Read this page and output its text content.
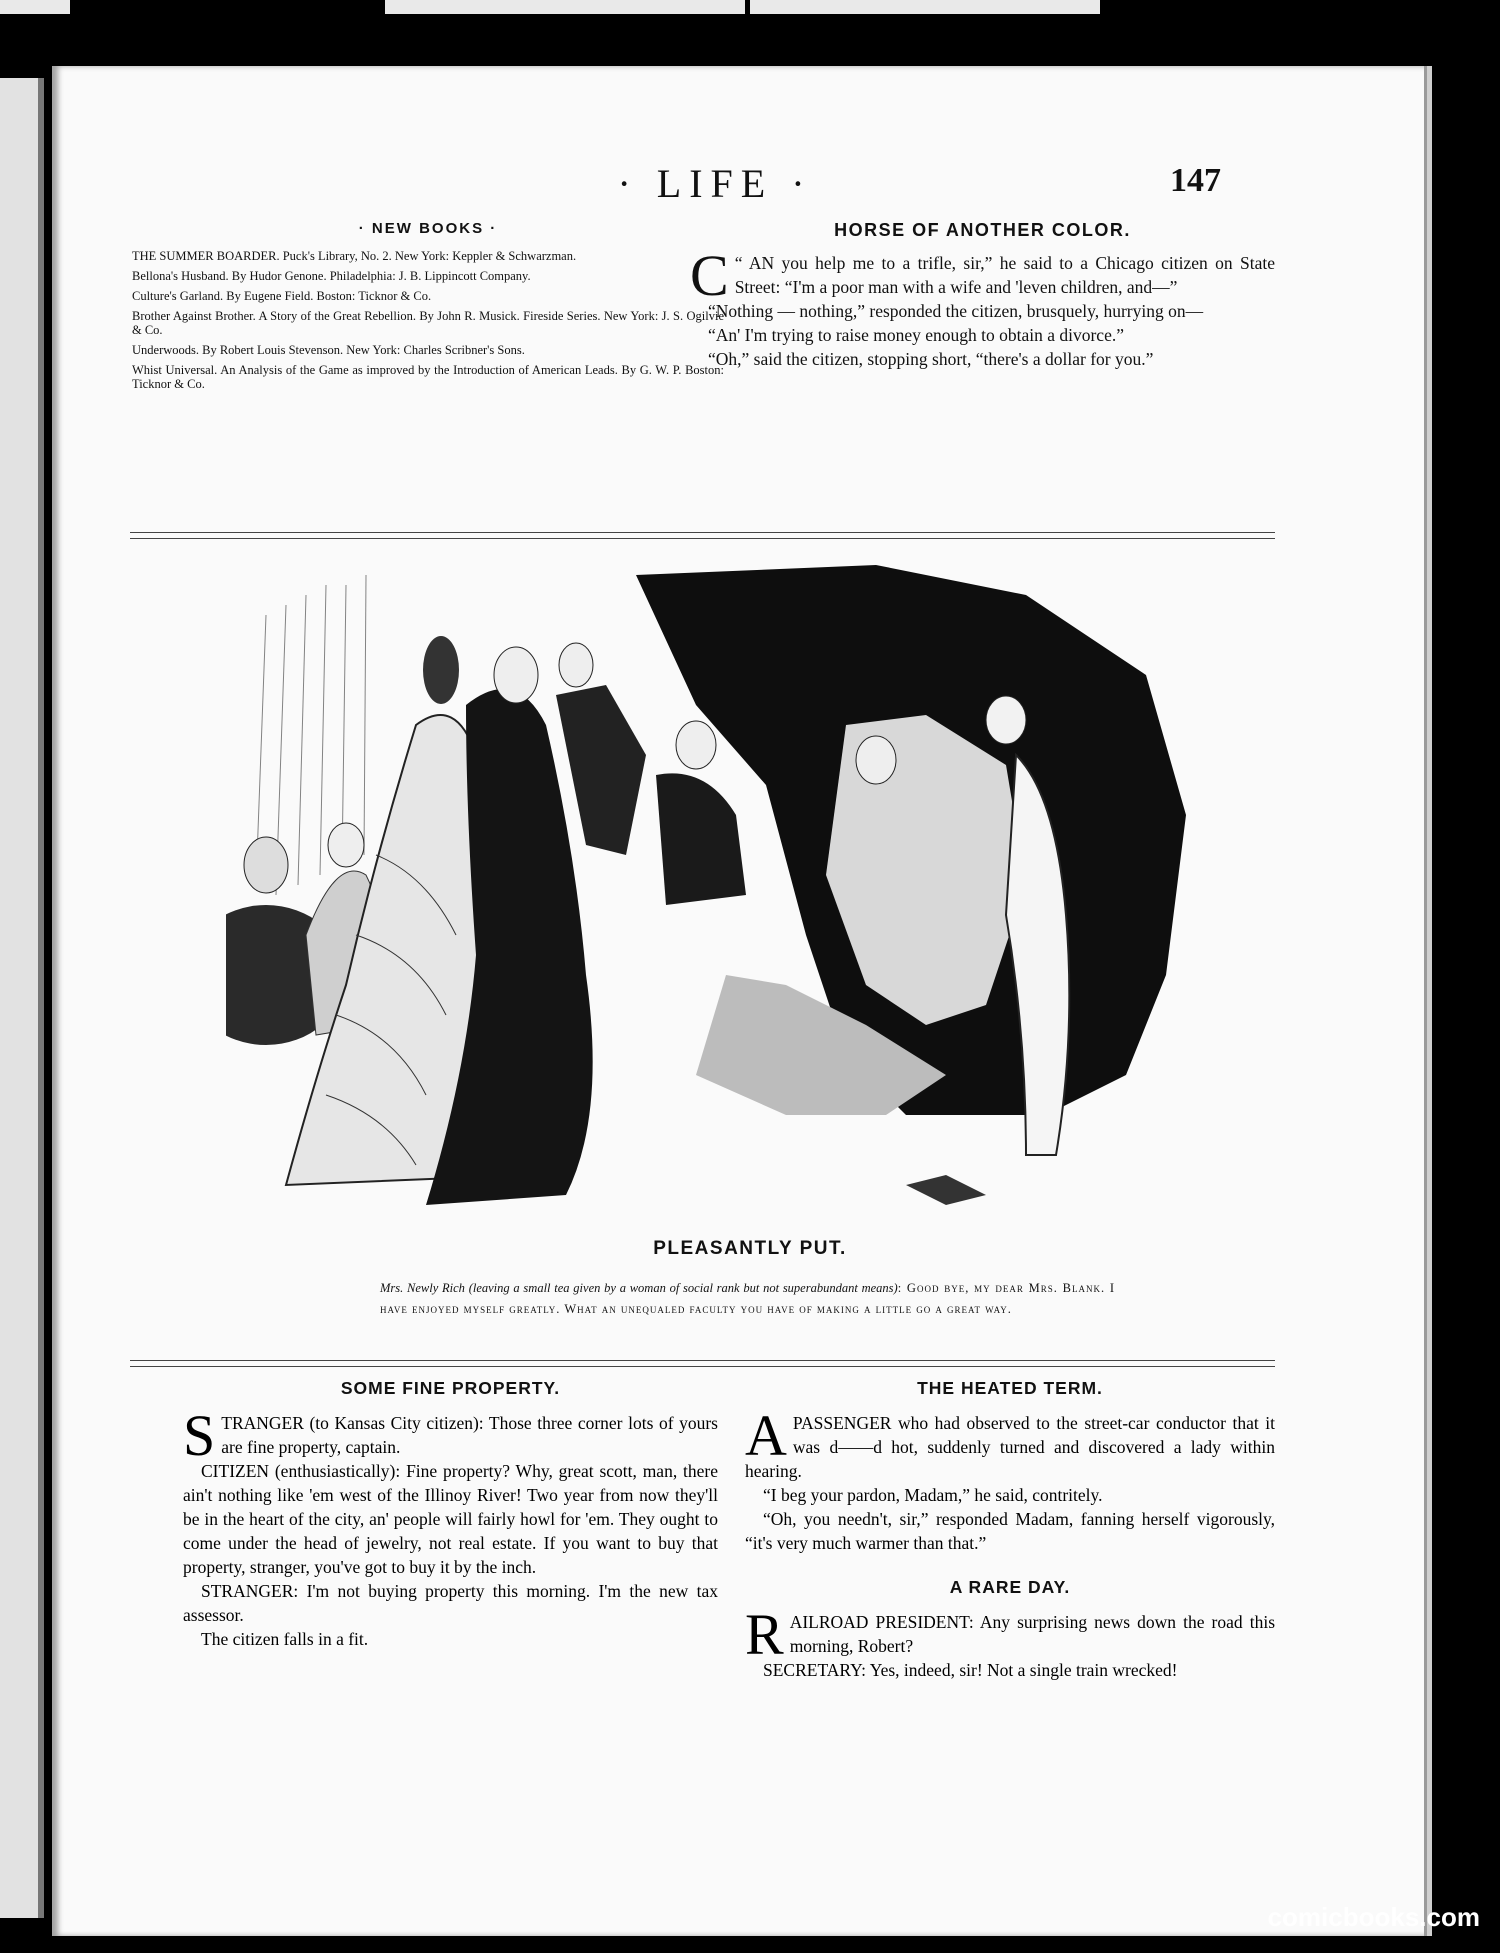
· LIFE ·	147
· NEW BOOKS ·
THE SUMMER BOARDER. Puck's Library, No. 2. New York: Keppler & Schwarzman.
Bellona's Husband. By Hudor Genone. Philadelphia: J. B. Lippincott Company.
Culture's Garland. By Eugene Field. Boston: Ticknor & Co.
Brother Against Brother. A Story of the Great Rebellion. By John R. Musick. Fireside Series. New York: J. S. Ogilvie & Co.
Underwoods. By Robert Louis Stevenson. New York: Charles Scribner's Sons.
Whist Universal. An Analysis of the Game as improved by the Introduction of American Leads. By G. W. P. Boston: Ticknor & Co.
HORSE OF ANOTHER COLOR.

C “ AN you help me to a trifle, sir,” he said to a Chicago citizen on State Street: “I'm a poor man with a wife and 'leven children, and—”

“Nothing — nothing,” responded the citizen, brusquely, hurrying on—

“An' I'm trying to raise money enough to obtain a divorce.”

“Oh,” said the citizen, stopping short, “there's a dollar for you.”

PLEASANTLY PUT.
Mrs. Newly Rich (leaving a small tea given by a woman of social rank but not superabundant means): Good bye, my dear Mrs. Blank. I have enjoyed myself greatly. What an unequaled faculty you have of making a little go a great way.
SOME FINE PROPERTY.

STRANGER (to Kansas City citizen): Those three corner lots of yours are fine property, captain.

CITIZEN (enthusiastically): Fine property? Why, great scott, man, there ain't nothing like 'em west of the Illinoy River! Two year from now they'll be in the heart of the city, an' people will fairly howl for 'em. They ought to come under the head of jewelry, not real estate. If you want to buy that property, stranger, you've got to buy it by the inch.

STRANGER: I'm not buying property this morning. I'm the new tax assessor.

The citizen falls in a fit.

THE HEATED TERM.

APASSENGER who had observed to the street-car conductor that it was d——d hot, suddenly turned and discovered a lady within hearing.

“I beg your pardon, Madam,” he said, contritely.

“Oh, you needn't, sir,” responded Madam, fanning herself vigorously, “it's very much warmer than that.”

A RARE DAY.

RAILROAD PRESIDENT: Any surprising news down the road this morning, Robert?

SECRETARY: Yes, indeed, sir! Not a single train wrecked!

comicbooks.com
